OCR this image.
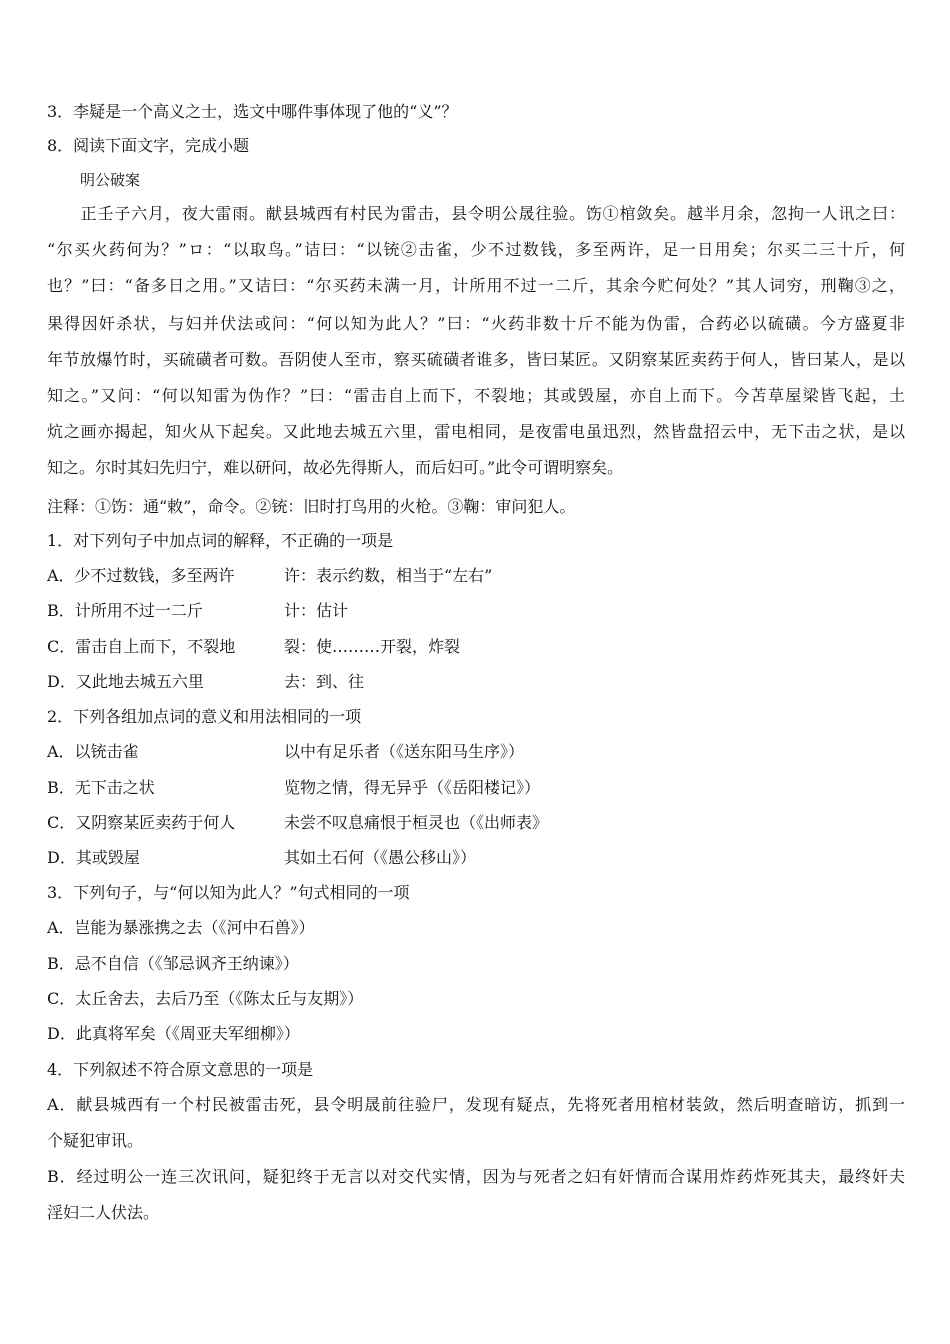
3．李疑是一个高义之士，选文中哪件事体现了他的“义”？
8．阅读下面文字，完成小题
明公破案
　　正壬子六月，夜大雷雨。献县城西有村民为雷击，县令明公晟往验。饬①棺敛矣。越半月余，忽拘一人讯之曰：
“尔买火药何为？”ロ：“以取鸟。”诘曰：“以铳②击雀，少不过数钱，多至两许，足一日用矣；尔买二三十斤，何
也？”曰：“备多日之用。”又诘曰：“尔买药未满一月，计所用不过一二斤，其余今贮何处？”其人词穷，刑鞠③之，
果得因奸杀状，与妇并伏法或问：“何以知为此人？”曰：“火药非数十斤不能为伪雷，合药必以硫磺。今方盛夏非
年节放爆竹时，买硫磺者可数。吾阴使人至市，察买硫磺者谁多，皆曰某匠。又阴察某匠卖药于何人，皆曰某人，是以
知之。”又问：“何以知雷为伪作？”曰：“雷击自上而下，不裂地；其或毁屋，亦自上而下。今苫草屋梁皆飞起，土
炕之画亦揭起，知火从下起矣。又此地去城五六里，雷电相同，是夜雷电虽迅烈，然皆盘招云中，无下击之状，是以
知之。尔时其妇先归宁，难以研问，故必先得斯人，而后妇可。”此令可谓明察矣。
注释：①饬：通“敕”，命令。②铳：旧时打鸟用的火枪。③鞠：审问犯人。
1．对下列句子中加点词的解释，不正确的一项是
A．少不过数钱，多至两许	许：表示约数，相当于“左右”
B．计所用不过一二斤	计：估计
C．雷击自上而下，不裂地	裂：使………开裂，炸裂
D．又此地去城五六里	去：到、往
2．下列各组加点词的意义和用法相同的一项
A．以铳击雀	以中有足乐者（《送东阳马生序》）
B．无下击之状	览物之情，得无异乎（《岳阳楼记》）
C．又阴察某匠卖药于何人	未尝不叹息痛恨于桓灵也（《出师表》
D．其或毁屋	其如土石何（《愚公移山》）
3．下列句子，与“何以知为此人？”句式相同的一项
A．岂能为暴涨携之去（《河中石兽》）
B．忌不自信（《邹忌讽齐王纳谏》）
C．太丘舍去，去后乃至（《陈太丘与友期》）
D．此真将军矣（《周亚夫军细柳》）
4．下列叙述不符合原文意思的一项是
A．献县城西有一个村民被雷击死，县令明晟前往验尸，发现有疑点，先将死者用棺材装敛，然后明查暗访，抓到一
个疑犯审讯。
B．经过明公一连三次讯问，疑犯终于无言以对交代实情，因为与死者之妇有奸情而合谋用炸药炸死其夫，最终奸夫
淫妇二人伏法。
